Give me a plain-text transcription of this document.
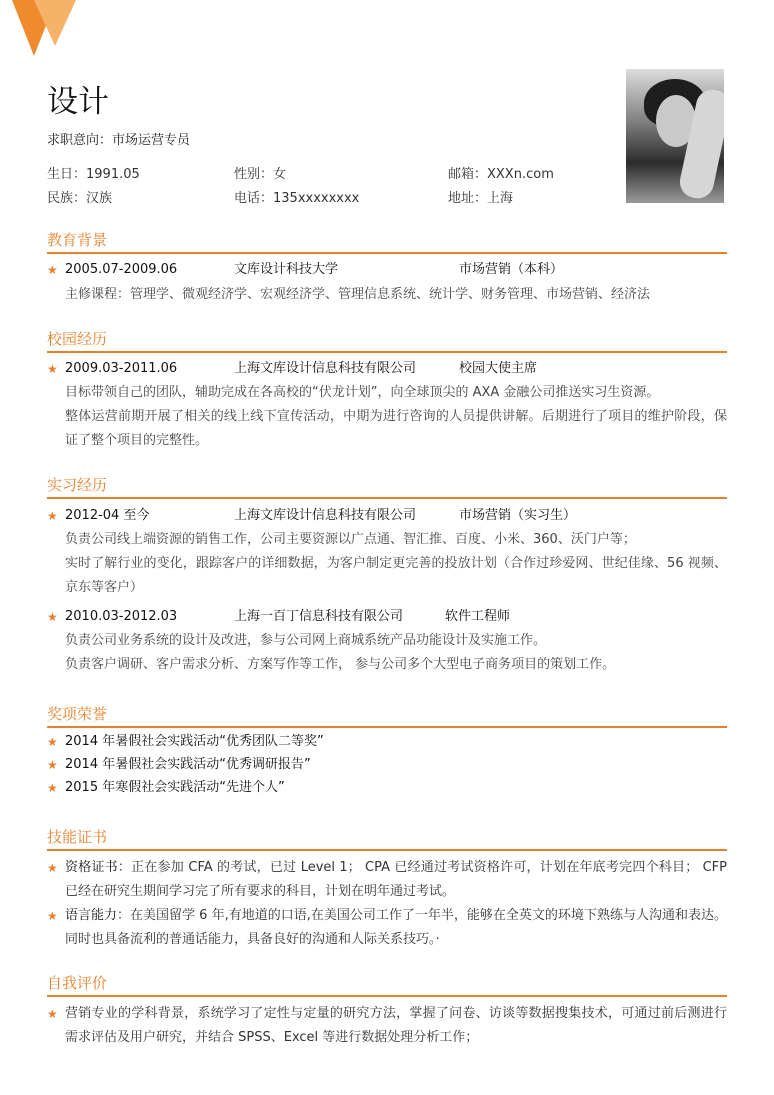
设计
求职意向：市场运营专员
生日：1991.05	性别：女	邮箱：XXXn.com
民族：汉族	电话：135xxxxxxxx	地址：上海
教育背景
★ 2005.07-2009.06	文库设计科技大学	市场营销（本科）
主修课程：管理学、微观经济学、宏观经济学、管理信息系统、统计学、财务管理、市场营销、经济法
校园经历
★ 2009.03-2011.06	上海文库设计信息科技有限公司	校园大使主席
目标带领自己的团队，辅助完成在各高校的“伏龙计划”，向全球顶尖的 AXA 金融公司推送实习生资源。
整体运营前期开展了相关的线上线下宣传活动，中期为进行咨询的人员提供讲解。后期进行了项目的维护阶段，保证了整个项目的完整性。
实习经历
★ 2012-04 至今	上海文库设计信息科技有限公司	市场营销（实习生）
负责公司线上端资源的销售工作，公司主要资源以广点通、智汇推、百度、小米、360、沃门户等；
实时了解行业的变化，跟踪客户的详细数据，为客户制定更完善的投放计划（合作过珍爱网、世纪佳缘、56 视频、京东等客户）
★ 2010.03-2012.03	上海一百丁信息科技有限公司	软件工程师
负责公司业务系统的设计及改进，参与公司网上商城系统产品功能设计及实施工作。
负责客户调研、客户需求分析、方案写作等工作， 参与公司多个大型电子商务项目的策划工作。
奖项荣誉
★ 2014 年暑假社会实践活动“优秀团队二等奖”
★ 2014 年暑假社会实践活动“优秀调研报告”
★ 2015 年寒假社会实践活动“先进个人”
技能证书
★ 资格证书：正在参加 CFA 的考试，已过 Level 1； CPA 已经通过考试资格许可，计划在年底考完四个科目； CFP 已经在研究生期间学习完了所有要求的科目，计划在明年通过考试。
★ 语言能力：在美国留学 6 年,有地道的口语,在美国公司工作了一年半，能够在全英文的环境下熟练与人沟通和表达。同时也具备流利的普通话能力，具备良好的沟通和人际关系技巧。·
自我评价
★ 营销专业的学科背景，系统学习了定性与定量的研究方法，掌握了问卷、访谈等数据搜集技术，可通过前后测进行需求评估及用户研究，并结合 SPSS、Excel 等进行数据处理分析工作；
